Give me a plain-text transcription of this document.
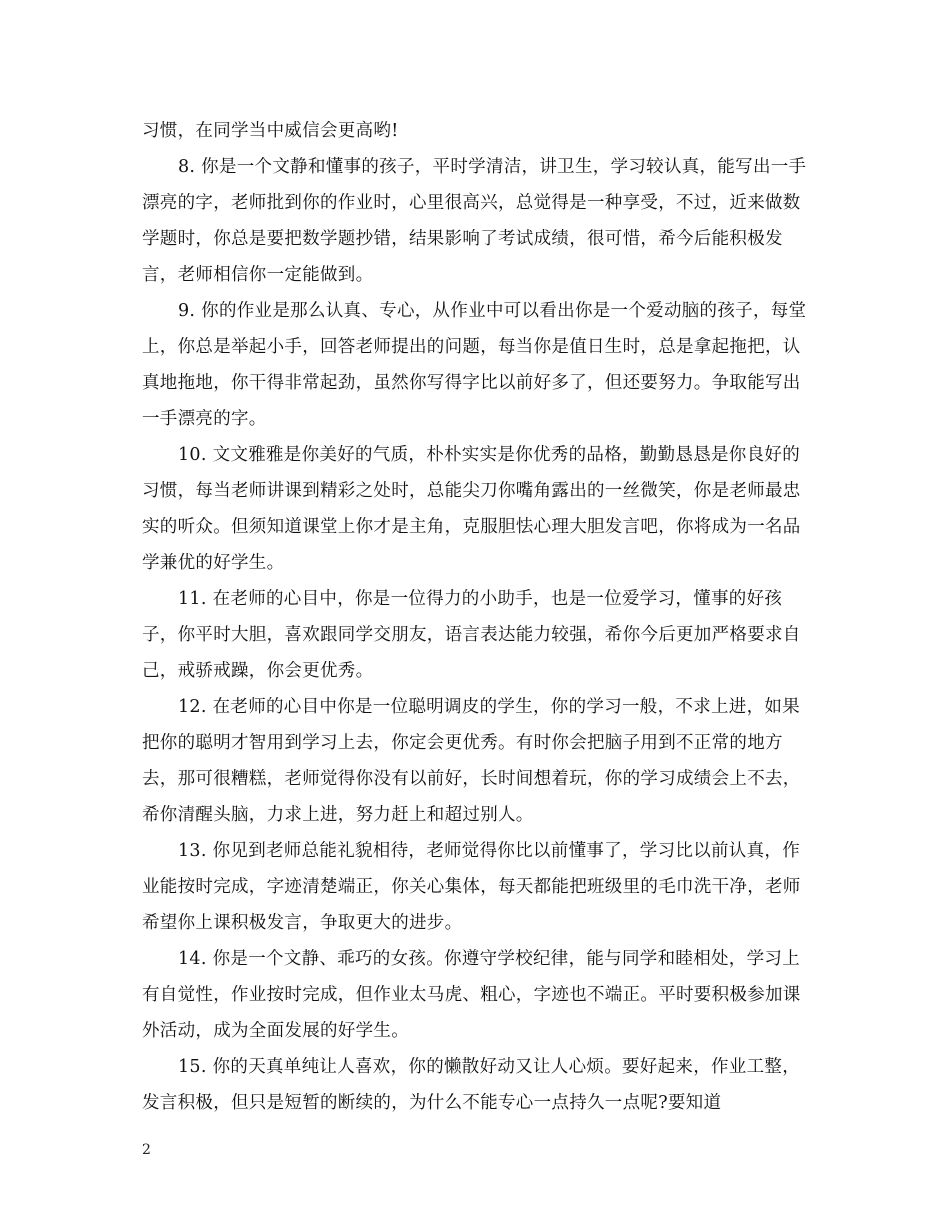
习惯，在同学当中威信会更高哟!

8. 你是一个文静和懂事的孩子，平时学清洁，讲卫生，学习较认真，能写出一手漂亮的字，老师批到你的作业时，心里很高兴，总觉得是一种享受，不过，近来做数学题时，你总是要把数学题抄错，结果影响了考试成绩，很可惜，希今后能积极发言，老师相信你一定能做到。

9. 你的作业是那么认真、专心，从作业中可以看出你是一个爱动脑的孩子，每堂上，你总是举起小手，回答老师提出的问题，每当你是值日生时，总是拿起拖把，认真地拖地，你干得非常起劲，虽然你写得字比以前好多了，但还要努力。争取能写出一手漂亮的字。

10. 文文雅雅是你美好的气质，朴朴实实是你优秀的品格，勤勤恳恳是你良好的习惯，每当老师讲课到精彩之处时，总能尖刀你嘴角露出的一丝微笑，你是老师最忠实的听众。但须知道课堂上你才是主角，克服胆怯心理大胆发言吧，你将成为一名品学兼优的好学生。

11. 在老师的心目中，你是一位得力的小助手，也是一位爱学习，懂事的好孩子，你平时大胆，喜欢跟同学交朋友，语言表达能力较强，希你今后更加严格要求自己，戒骄戒躁，你会更优秀。

12. 在老师的心目中你是一位聪明调皮的学生，你的学习一般，不求上进，如果把你的聪明才智用到学习上去，你定会更优秀。有时你会把脑子用到不正常的地方去，那可很糟糕，老师觉得你没有以前好，长时间想着玩，你的学习成绩会上不去，希你清醒头脑，力求上进，努力赶上和超过别人。

13. 你见到老师总能礼貌相待，老师觉得你比以前懂事了，学习比以前认真，作业能按时完成，字迹清楚端正，你关心集体，每天都能把班级里的毛巾洗干净，老师希望你上课积极发言，争取更大的进步。

14. 你是一个文静、乖巧的女孩。你遵守学校纪律，能与同学和睦相处，学习上有自觉性，作业按时完成，但作业太马虎、粗心，字迹也不端正。平时要积极参加课外活动，成为全面发展的好学生。

15. 你的天真单纯让人喜欢，你的懒散好动又让人心烦。要好起来，作业工整，发言积极，但只是短暂的断续的，为什么不能专心一点持久一点呢?要知道

2
